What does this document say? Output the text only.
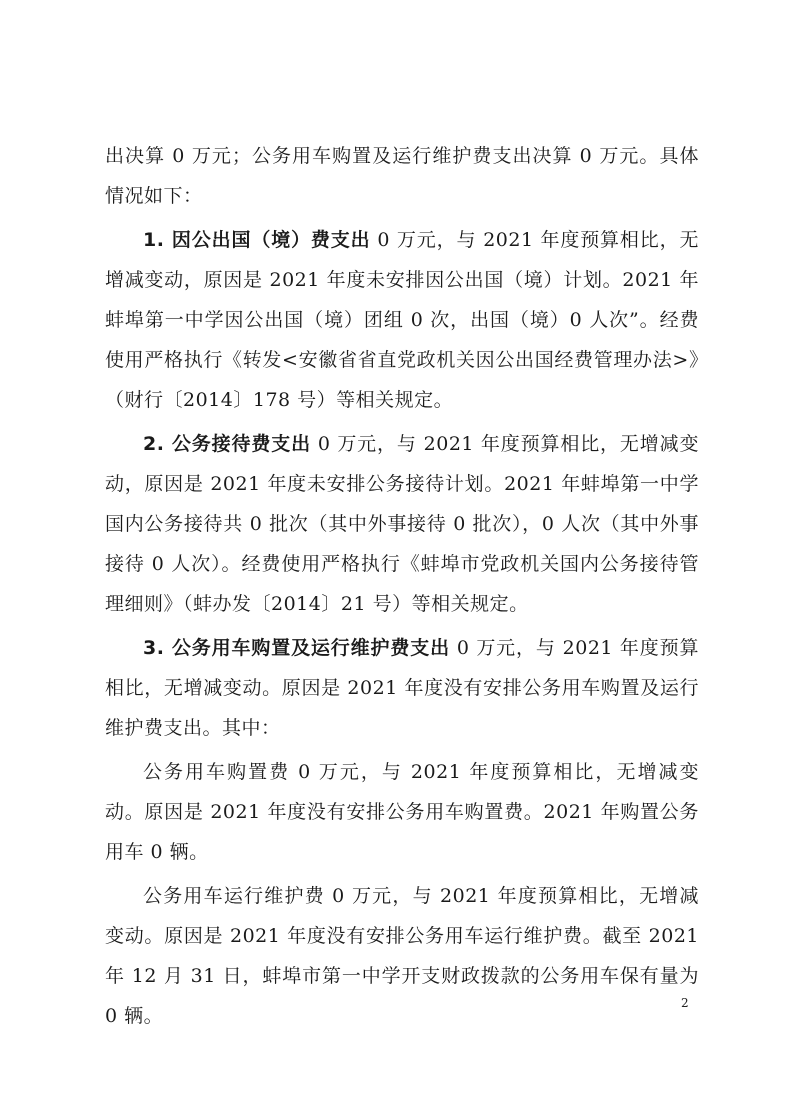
出决算 0 万元；公务用车购置及运行维护费支出决算 0 万元。具体情况如下：

1. 因公出国（境）费支出 0 万元，与 2021 年度预算相比，无增减变动，原因是 2021 年度未安排因公出国（境）计划。2021 年蚌埠第一中学因公出国（境）团组 0 次，出国（境）0 人次”。经费使用严格执行《转发<安徽省省直党政机关因公出国经费管理办法>》（财行〔2014〕178 号）等相关规定。

2. 公务接待费支出 0 万元，与 2021 年度预算相比，无增减变动，原因是 2021 年度未安排公务接待计划。2021 年蚌埠第一中学国内公务接待共 0 批次（其中外事接待 0 批次），0 人次（其中外事接待 0 人次）。经费使用严格执行《蚌埠市党政机关国内公务接待管理细则》（蚌办发〔2014〕21 号）等相关规定。

3. 公务用车购置及运行维护费支出 0 万元，与 2021 年度预算相比，无增减变动。原因是 2021 年度没有安排公务用车购置及运行维护费支出。其中：

公务用车购置费 0 万元，与 2021 年度预算相比，无增减变动。原因是 2021 年度没有安排公务用车购置费。2021 年购置公务用车 0 辆。

公务用车运行维护费 0 万元，与 2021 年度预算相比，无增减变动。原因是 2021 年度没有安排公务用车运行维护费。截至 2021 年 12 月 31 日，蚌埠市第一中学开支财政拨款的公务用车保有量为 0 辆。

2
